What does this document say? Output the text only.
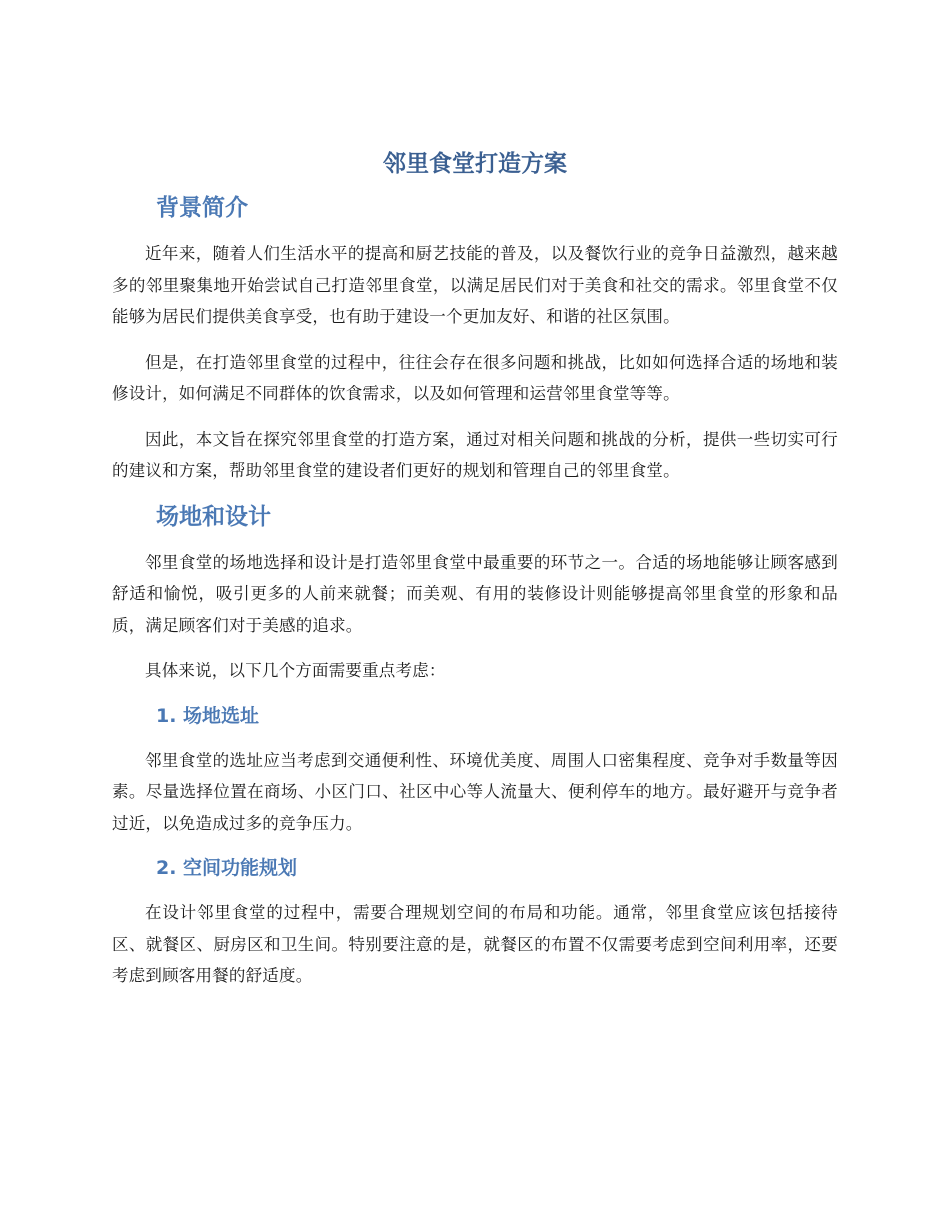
邻里食堂打造方案
背景简介

近年来，随着人们生活水平的提高和厨艺技能的普及，以及餐饮行业的竞争日益激烈，越来越多的邻里聚集地开始尝试自己打造邻里食堂，以满足居民们对于美食和社交的需求。邻里食堂不仅能够为居民们提供美食享受，也有助于建设一个更加友好、和谐的社区氛围。

但是，在打造邻里食堂的过程中，往往会存在很多问题和挑战，比如如何选择合适的场地和装修设计，如何满足不同群体的饮食需求，以及如何管理和运营邻里食堂等等。

因此，本文旨在探究邻里食堂的打造方案，通过对相关问题和挑战的分析，提供一些切实可行的建议和方案，帮助邻里食堂的建设者们更好的规划和管理自己的邻里食堂。

场地和设计

邻里食堂的场地选择和设计是打造邻里食堂中最重要的环节之一。合适的场地能够让顾客感到舒适和愉悦，吸引更多的人前来就餐；而美观、有用的装修设计则能够提高邻里食堂的形象和品质，满足顾客们对于美感的追求。

具体来说，以下几个方面需要重点考虑：

1. 场地选址

邻里食堂的选址应当考虑到交通便利性、环境优美度、周围人口密集程度、竞争对手数量等因素。尽量选择位置在商场、小区门口、社区中心等人流量大、便利停车的地方。最好避开与竞争者过近，以免造成过多的竞争压力。

2. 空间功能规划

在设计邻里食堂的过程中，需要合理规划空间的布局和功能。通常，邻里食堂应该包括接待区、就餐区、厨房区和卫生间。特别要注意的是，就餐区的布置不仅需要考虑到空间利用率，还要考虑到顾客用餐的舒适度。
